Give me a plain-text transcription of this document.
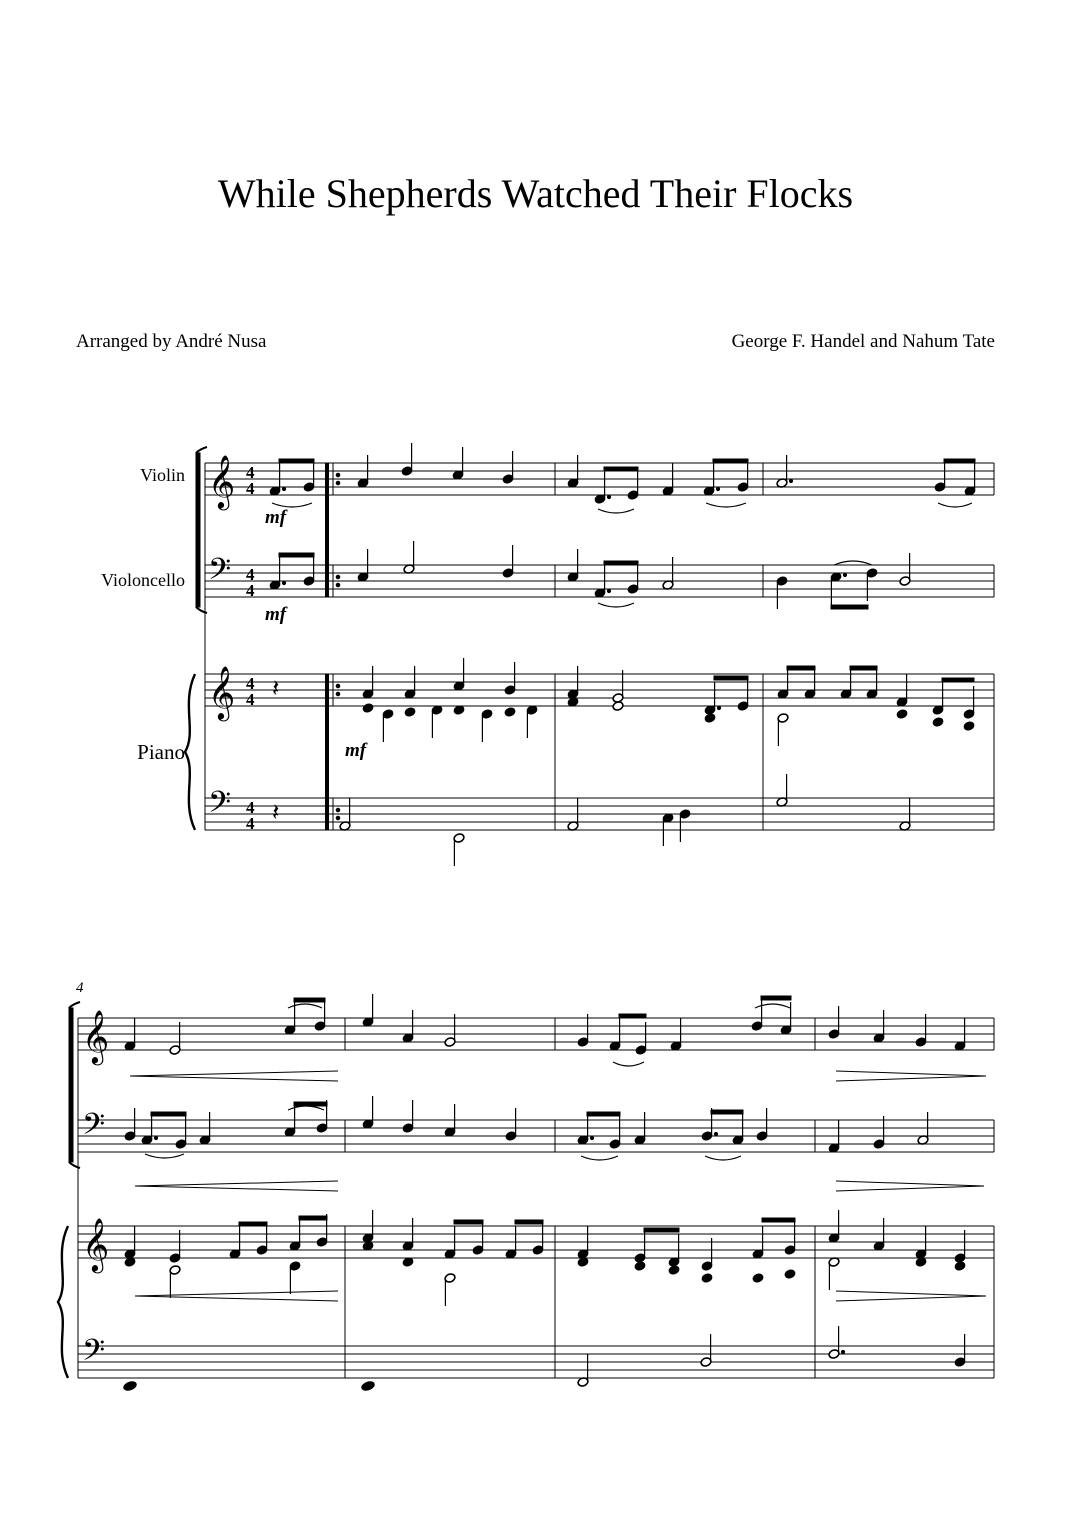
While Shepherds Watched Their Flocks
Arranged by André Nusa	George F. Handel and Nahum Tate
Violin
Violoncello
Piano
4
𝄞
𝄢
𝄞
𝄢
4
4
4
4
4
4
4
4
mf
mf
𝄽
mf
𝄽
𝄞
𝄢
𝄞
𝄢
